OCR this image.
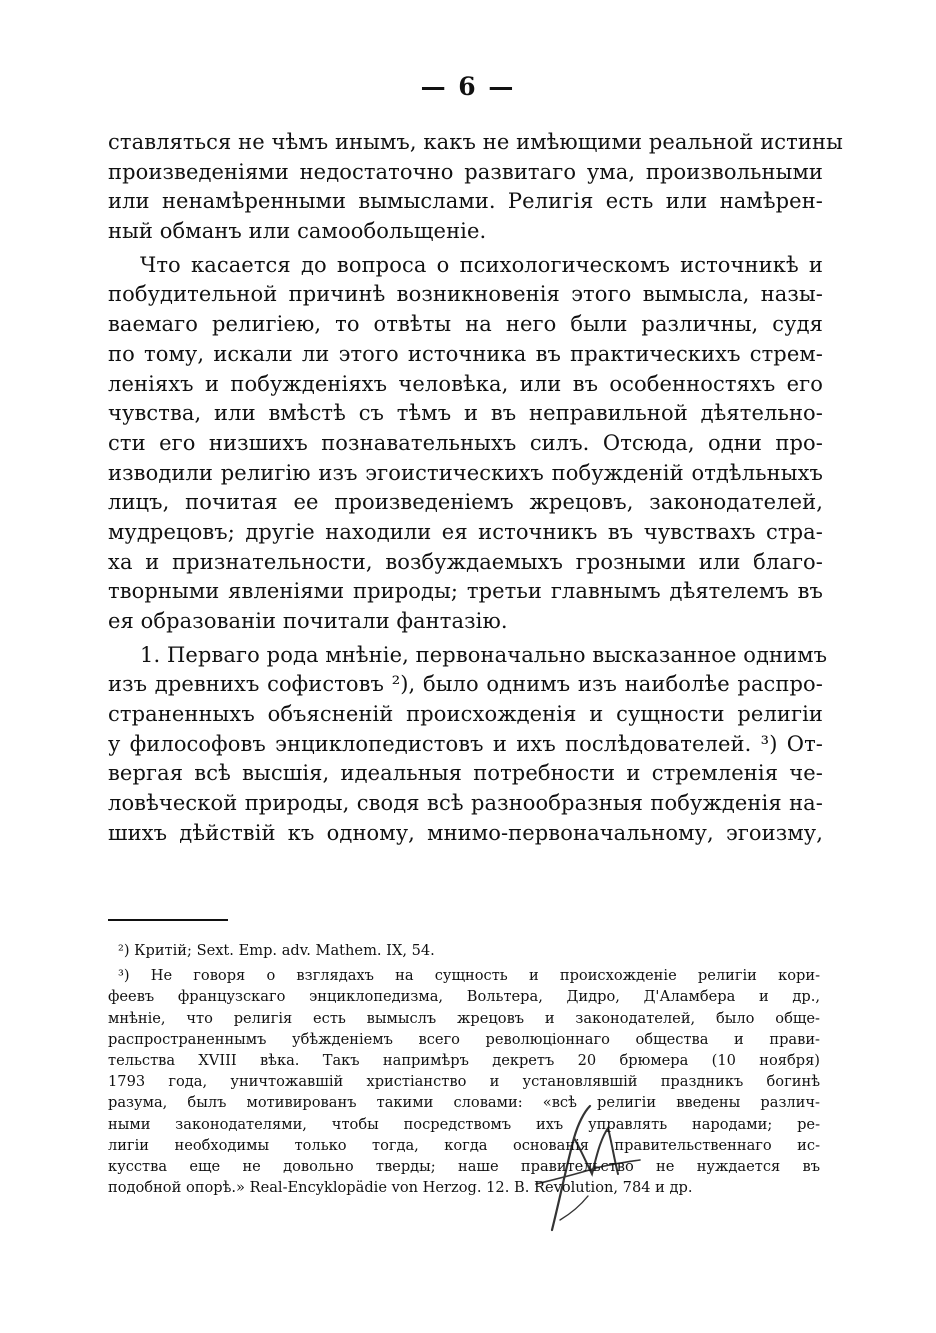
— 6 —
ставляться не чѣмъ инымъ, какъ не имѣющими реальной истины
произведеніями недостаточно развитаго ума, произвольными
или ненамѣренными вымыслами. Религія есть или намѣрен-
ный обманъ или самообольщеніе.
Что касается до вопроса о психологическомъ источникѣ и
побудительной причинѣ возникновенія этого вымысла, назы-
ваемаго религіею, то отвѣты на него были различны, судя
по тому, искали ли этого источника въ практическихъ стрем-
леніяхъ и побужденіяхъ человѣка, или въ особенностяхъ его
чувства, или вмѣстѣ съ тѣмъ и въ неправильной дѣятельно-
сти его низшихъ познавательныхъ силъ. Отсюда, одни про-
изводили религію изъ эгоистическихъ побужденій отдѣльныхъ
лицъ, почитая ее произведеніемъ жрецовъ, законодателей,
мудрецовъ; другіе находили ея источникъ въ чувствахъ стра-
ха и признательности, возбуждаемыхъ грозными или благо-
творными явленіями природы; третьи главнымъ дѣятелемъ въ
ея образованіи почитали фантазію.
1. Перваго рода мнѣніе, первоначально высказанное однимъ
изъ древнихъ софистовъ ²), было однимъ изъ наиболѣе распро-
страненныхъ объясненій происхожденія и сущности религіи
у философовъ энциклопедистовъ и ихъ послѣдователей. ³) От-
вергая всѣ высшія, идеальныя потребности и стремленія че-
ловѣческой природы, сводя всѣ разнообразныя побужденія на-
шихъ дѣйствій къ одному, мнимо-первоначальному, эгоизму,
²) Критій; Sext. Emp. adv. Mathem. IX, 54.
³) Не говоря о взглядахъ на сущность и происхожденіе религіи кори-
феевъ французскаго энциклопедизма, Вольтера, Дидро, Д'Аламбера и др.,
мнѣніе, что религія есть вымыслъ жрецовъ и законодателей, было обще-
распространеннымъ убѣжденіемъ всего революціоннаго общества и прави-
тельства XVIII вѣка. Такъ напримѣръ декретъ 20 брюмера (10 ноября)
1793 года, уничтожавшій христіанство и установлявшій праздникъ богинѣ
разума, былъ мотивированъ такими словами: «всѣ религіи введены различ-
ными законодателями, чтобы посредствомъ ихъ управлять народами; ре-
лигіи необходимы только тогда, когда основанія правительственнаго ис-
кусства еще не довольно тверды; наше правительство не нуждается въ
подобной опорѣ.» Real-Encyklopädie von Herzog. 12. B. Revolution, 784 и др.
